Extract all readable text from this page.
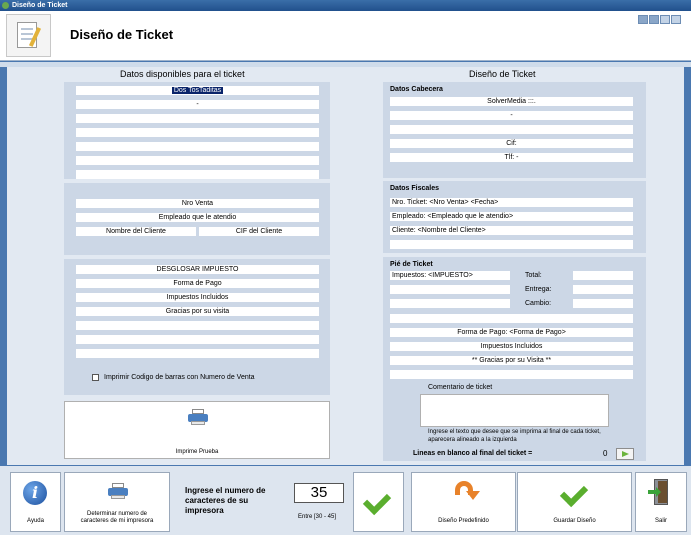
Diseño de Ticket
Diseño de Ticket
Datos disponibles para el ticket
Dos TosTaditas
-
Nro Venta
Empleado que le atendio
Nombre del Cliente	CIF del Cliente
DESGLOSAR IMPUESTO
Forma de Pago
Impuestos Incluidos
Gracias por su visita
Imprimir Codigo de barras con Numero de Venta
Imprime Prueba
Diseño de Ticket
Datos Cabecera
SolverMedia :::.
-
Cif:
Tlf: -
Datos Fiscales
Nro. Ticket: <Nro Venta> <Fecha>
Empleado: <Empleado que le atendio>
Cliente: <Nombre del Cliente>
Pié de Ticket
Impuestos: <IMPUESTO>	Total:
Entrega:
Cambio:
Forma de Pago: <Forma de Pago>
Impuestos Incluidos
** Gracias por su Visita **
Comentario de ticket
Ingrese el texto que desee que se imprima al final de cada ticket, aparecera alineado a la izquierda
Lineas en blanco al final del ticket =	0
i
Ayuda
Determinar numero de caracteres de mi impresora	Diseño Predefinido	Guardar Diseño	Salir
Ingrese el numero de caracteres de su impresora
35
Entre [30 - 45]
